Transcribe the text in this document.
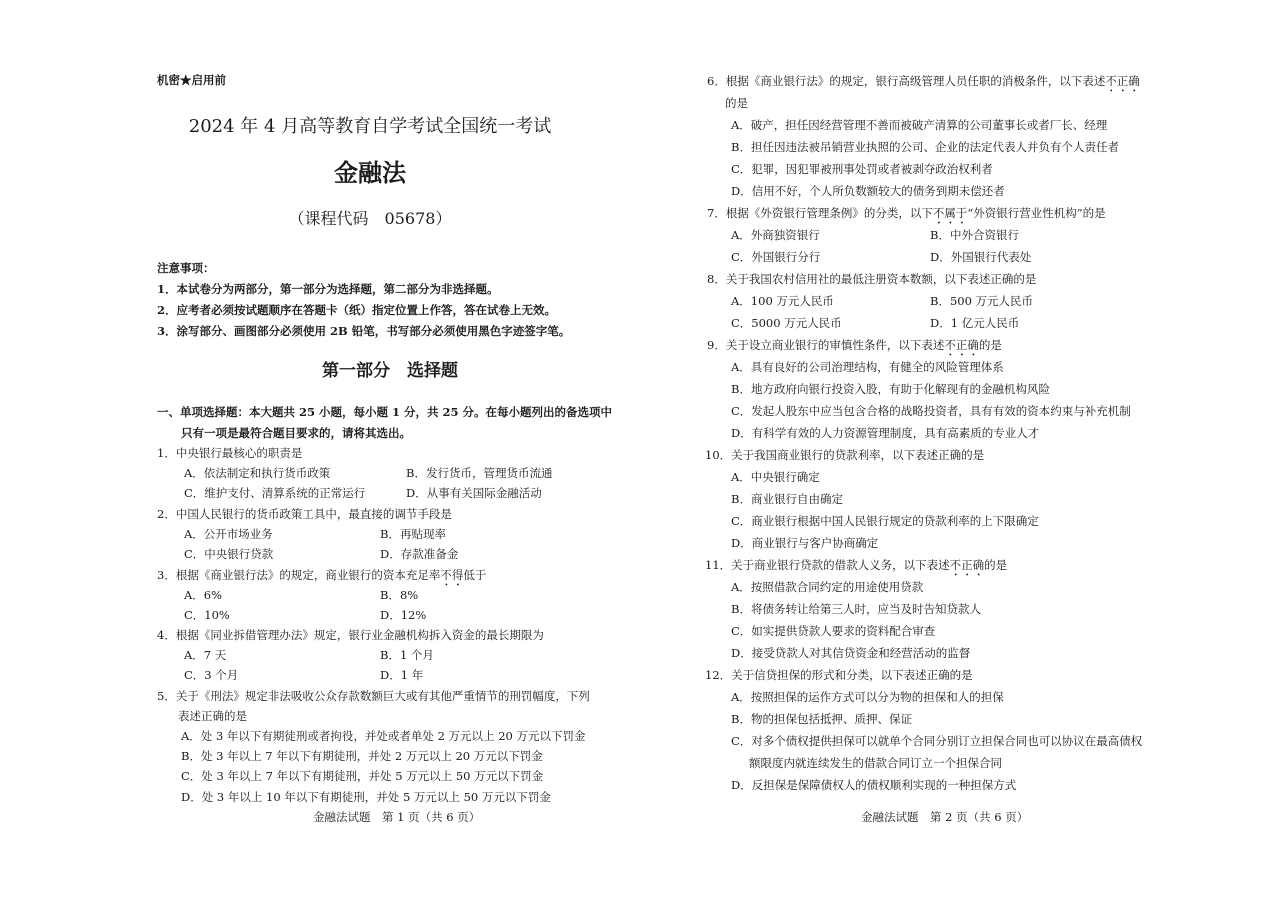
机密★启用前
2024 年 4 月高等教育自学考试全国统一考试
金融法
（课程代码　05678）
注意事项：
1．本试卷分为两部分，第一部分为选择题，第二部分为非选择题。
2．应考者必须按试题顺序在答题卡（纸）指定位置上作答，答在试卷上无效。
3．涂写部分、画图部分必须使用 2B 铅笔，书写部分必须使用黑色字迹签字笔。
第一部分　选择题
一、单项选择题：本大题共 25 小题，每小题 1 分，共 25 分。在每小题列出的备选项中
只有一项是最符合题目要求的，请将其选出。
1．中央银行最核心的职责是
A．依法制定和执行货币政策	B．发行货币，管理货币流通
C．维护支付、清算系统的正常运行	D．从事有关国际金融活动
2．中国人民银行的货币政策工具中，最直接的调节手段是
A．公开市场业务	B．再贴现率
C．中央银行贷款	D．存款准备金
3．根据《商业银行法》的规定，商业银行的资本充足率不得低于
A．6%	B．8%
C．10%	D．12%
4．根据《同业拆借管理办法》规定，银行业金融机构拆入资金的最长期限为
A．7 天	B．1 个月
C．3 个月	D．1 年
5．关于《刑法》规定非法吸收公众存款数额巨大或有其他严重情节的刑罚幅度，下列
表述正确的是
A．处 3 年以下有期徒刑或者拘役，并处或者单处 2 万元以上 20 万元以下罚金
B．处 3 年以上 7 年以下有期徒刑，并处 2 万元以上 20 万元以下罚金
C．处 3 年以上 7 年以下有期徒刑，并处 5 万元以上 50 万元以下罚金
D．处 3 年以上 10 年以下有期徒刑，并处 5 万元以上 50 万元以下罚金
金融法试题　第 1 页（共 6 页）
6．根据《商业银行法》的规定，银行高级管理人员任职的消极条件，以下表述不正确
的是
A．破产，担任因经营管理不善而被破产清算的公司董事长或者厂长、经理
B．担任因违法被吊销营业执照的公司、企业的法定代表人并负有个人责任者
C．犯罪，因犯罪被刑事处罚或者被剥夺政治权利者
D．信用不好，个人所负数额较大的债务到期未偿还者
7．根据《外资银行管理条例》的分类，以下不属于“外资银行营业性机构”的是
A．外商独资银行	B．中外合资银行
C．外国银行分行	D．外国银行代表处
8．关于我国农村信用社的最低注册资本数额，以下表述正确的是
A．100 万元人民币	B．500 万元人民币
C．5000 万元人民币	D．1 亿元人民币
9．关于设立商业银行的审慎性条件，以下表述不正确的是
A．具有良好的公司治理结构，有健全的风险管理体系
B．地方政府向银行投资入股，有助于化解现有的金融机构风险
C．发起人股东中应当包含合格的战略投资者，具有有效的资本约束与补充机制
D．有科学有效的人力资源管理制度，具有高素质的专业人才
10．关于我国商业银行的贷款利率，以下表述正确的是
A．中央银行确定
B．商业银行自由确定
C．商业银行根据中国人民银行规定的贷款利率的上下限确定
D．商业银行与客户协商确定
11．关于商业银行贷款的借款人义务，以下表述不正确的是
A．按照借款合同约定的用途使用贷款
B．将债务转让给第三人时，应当及时告知贷款人
C．如实提供贷款人要求的资料配合审查
D．接受贷款人对其信贷资金和经营活动的监督
12．关于信贷担保的形式和分类，以下表述正确的是
A．按照担保的运作方式可以分为物的担保和人的担保
B．物的担保包括抵押、质押、保证
C．对多个债权提供担保可以就单个合同分别订立担保合同也可以协议在最高债权
额限度内就连续发生的借款合同订立一个担保合同
D．反担保是保障债权人的债权顺利实现的一种担保方式
金融法试题　第 2 页（共 6 页）
